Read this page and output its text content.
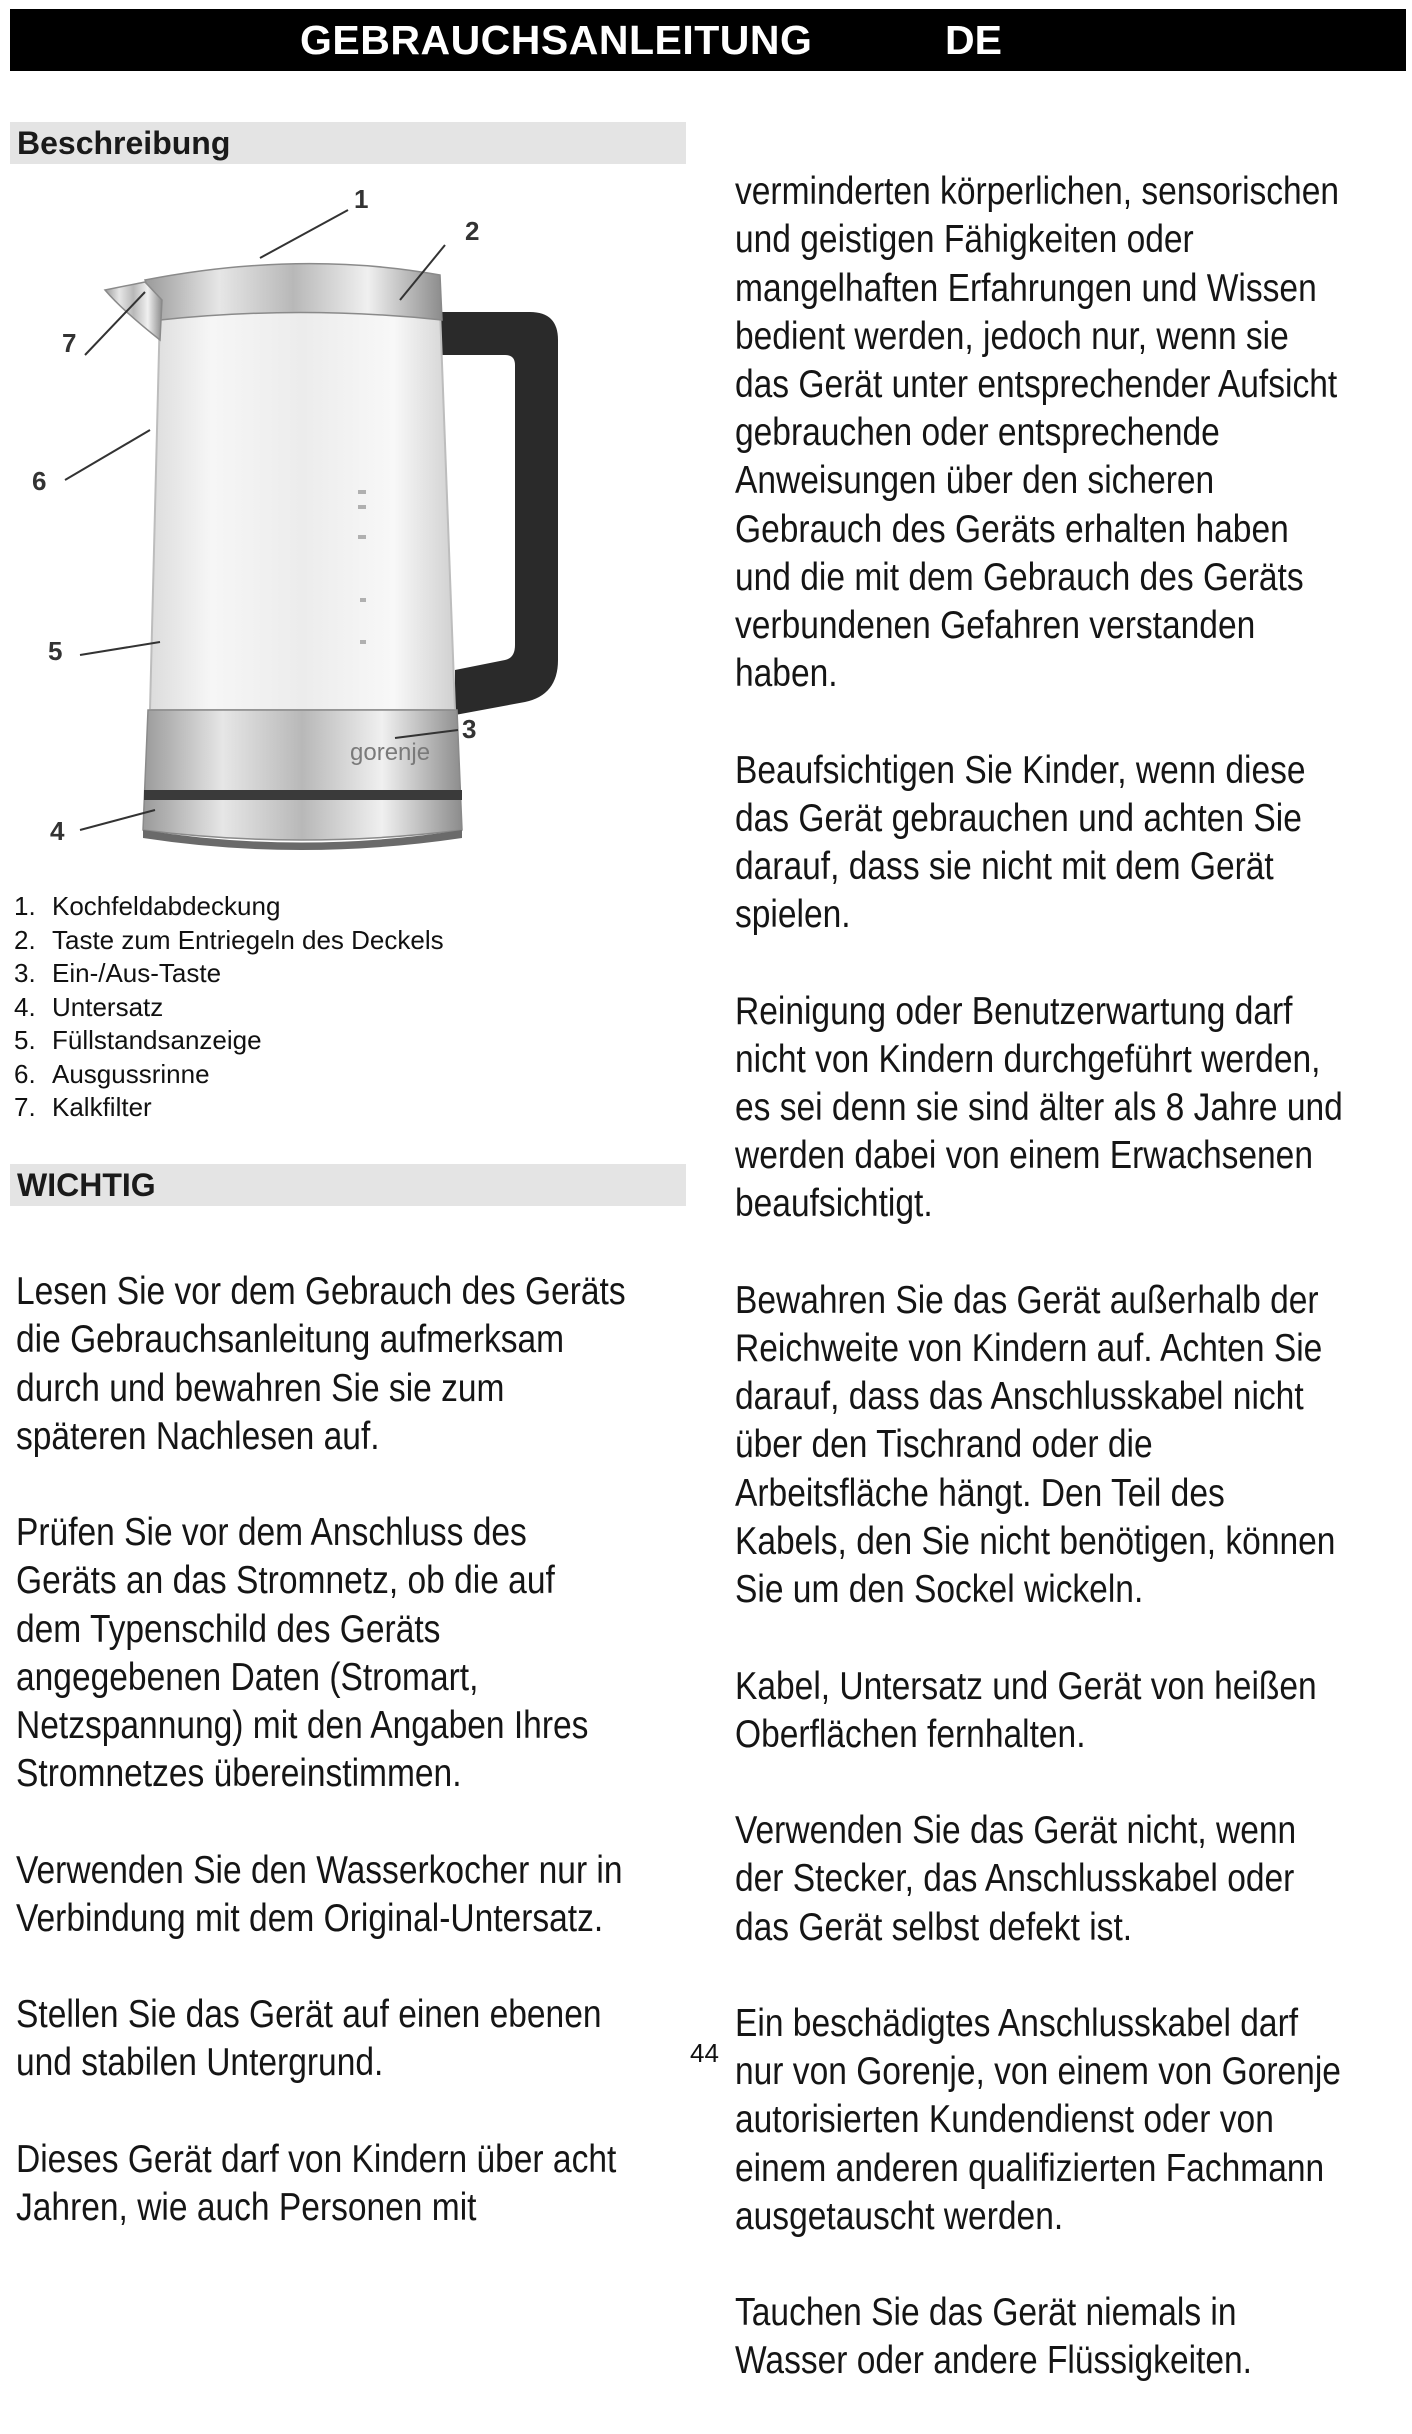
GEBRAUCHSANLEITUNG	DE
Beschreibung
gorenje
1
2
3
4
5
6
7
1. Kochfeldabdeckung
2. Taste zum Entriegeln des Deckels
3. Ein-/Aus-Taste
4. Untersatz
5. Füllstandsanzeige
6. Ausgussrinne
7. Kalkfilter
WICHTIG

Lesen Sie vor dem Gebrauch des Geräts
die Gebrauchsanleitung aufmerksam
durch und bewahren Sie sie zum
späteren Nachlesen auf.

Prüfen Sie vor dem Anschluss des
Geräts an das Stromnetz, ob die auf
dem Typenschild des Geräts
angegebenen Daten (Stromart,
Netzspannung) mit den Angaben Ihres
Stromnetzes übereinstimmen.

Verwenden Sie den Wasserkocher nur in
Verbindung mit dem Original-Untersatz.

Stellen Sie das Gerät auf einen ebenen
und stabilen Untergrund.

Dieses Gerät darf von Kindern über acht
Jahren, wie auch Personen mit

verminderten körperlichen, sensorischen
und geistigen Fähigkeiten oder
mangelhaften Erfahrungen und Wissen
bedient werden, jedoch nur, wenn sie
das Gerät unter entsprechender Aufsicht
gebrauchen oder entsprechende
Anweisungen über den sicheren
Gebrauch des Geräts erhalten haben
und die mit dem Gebrauch des Geräts
verbundenen Gefahren verstanden
haben.

Beaufsichtigen Sie Kinder, wenn diese
das Gerät gebrauchen und achten Sie
darauf, dass sie nicht mit dem Gerät
spielen.

Reinigung oder Benutzerwartung darf
nicht von Kindern durchgeführt werden,
es sei denn sie sind älter als 8 Jahre und
werden dabei von einem Erwachsenen
beaufsichtigt.

Bewahren Sie das Gerät außerhalb der
Reichweite von Kindern auf. Achten Sie
darauf, dass das Anschlusskabel nicht
über den Tischrand oder die
Arbeitsfläche hängt. Den Teil des
Kabels, den Sie nicht benötigen, können
Sie um den Sockel wickeln.

Kabel, Untersatz und Gerät von heißen
Oberflächen fernhalten.

Verwenden Sie das Gerät nicht, wenn
der Stecker, das Anschlusskabel oder
das Gerät selbst defekt ist.

Ein beschädigtes Anschlusskabel darf
nur von Gorenje, von einem von Gorenje
autorisierten Kundendienst oder von
einem anderen qualifizierten Fachmann
ausgetauscht werden.

Tauchen Sie das Gerät niemals in
Wasser oder andere Flüssigkeiten.

44
